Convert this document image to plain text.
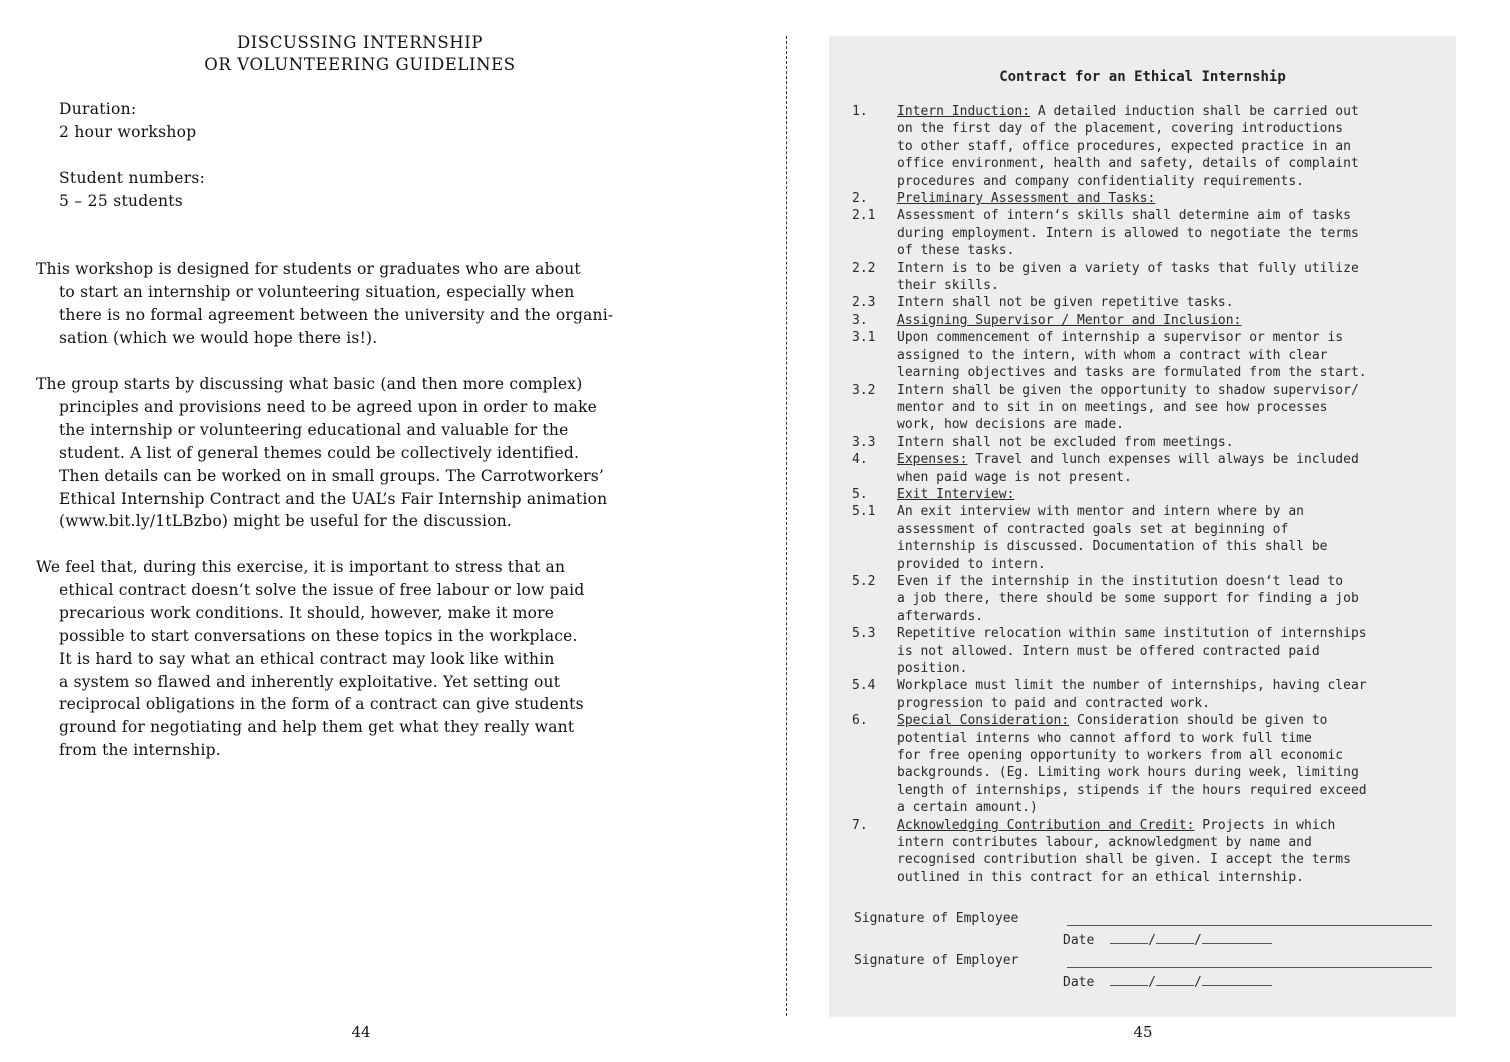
DISCUSSING INTERNSHIP
OR VOLUNTEERING GUIDELINES
Duration:
2 hour workshop
Student numbers:
5 – 25 students
This workshop is designed for students or graduates who are about
to start an internship or volunteering situation, especially when
there is no formal agreement between the university and the organi-
sation (which we would hope there is!).
The group starts by discussing what basic (and then more complex)
principles and provisions need to be agreed upon in order to make
the internship or volunteering educational and valuable for the
student. A list of general themes could be collectively identified.
Then details can be worked on in small groups. The Carrotworkers’
Ethical Internship Contract and the UAL’s Fair Internship animation
(www.bit.ly/1tLBzbo) might be useful for the discussion.
We feel that, during this exercise, it is important to stress that an
ethical contract doesn‘t solve the issue of free labour or low paid
precarious work conditions. It should, however, make it more
possible to start conversations on these topics in the workplace.
It is hard to say what an ethical contract may look like within
a system so flawed and inherently exploitative. Yet setting out
reciprocal obligations in the form of a contract can give students
ground for negotiating and help them get what they really want
from the internship.
44
Contract for an Ethical Internship
1.	Intern Induction: A detailed induction shall be carried out
on the first day of the placement, covering introductions
to other staff, office procedures, expected practice in an
office environment, health and safety, details of complaint
procedures and company confidentiality requirements.
2.	Preliminary Assessment and Tasks:
2.1	Assessment of intern‘s skills shall determine aim of tasks
during employment. Intern is allowed to negotiate the terms
of these tasks.
2.2	Intern is to be given a variety of tasks that fully utilize
their skills.
2.3	Intern shall not be given repetitive tasks.
3.	Assigning Supervisor / Mentor and Inclusion:
3.1	Upon commencement of internship a supervisor or mentor is
assigned to the intern, with whom a contract with clear
learning objectives and tasks are formulated from the start.
3.2	Intern shall be given the opportunity to shadow supervisor/
mentor and to sit in on meetings, and see how processes
work, how decisions are made.
3.3	Intern shall not be excluded from meetings.
4.	Expenses: Travel and lunch expenses will always be included
when paid wage is not present.
5.	Exit Interview:
5.1	An exit interview with mentor and intern where by an
assessment of contracted goals set at beginning of
internship is discussed. Documentation of this shall be
provided to intern.
5.2	Even if the internship in the institution doesn‘t lead to
a job there, there should be some support for finding a job
afterwards.
5.3	Repetitive relocation within same institution of internships
is not allowed. Intern must be offered contracted paid
position.
5.4	Workplace must limit the number of internships, having clear
progression to paid and contracted work.
6.	Special Consideration: Consideration should be given to
potential interns who cannot afford to work full time
for free opening opportunity to workers from all economic
backgrounds. (Eg. Limiting work hours during week, limiting
length of internships, stipends if the hours required exceed
a certain amount.)
7.	Acknowledging Contribution and Credit: Projects in which
intern contributes labour, acknowledgment by name and
recognised contribution shall be given. I accept the terms
outlined in this contract for an ethical internship.
Signature of Employee
Date	/	/
Signature of Employer
Date	/	/
45
